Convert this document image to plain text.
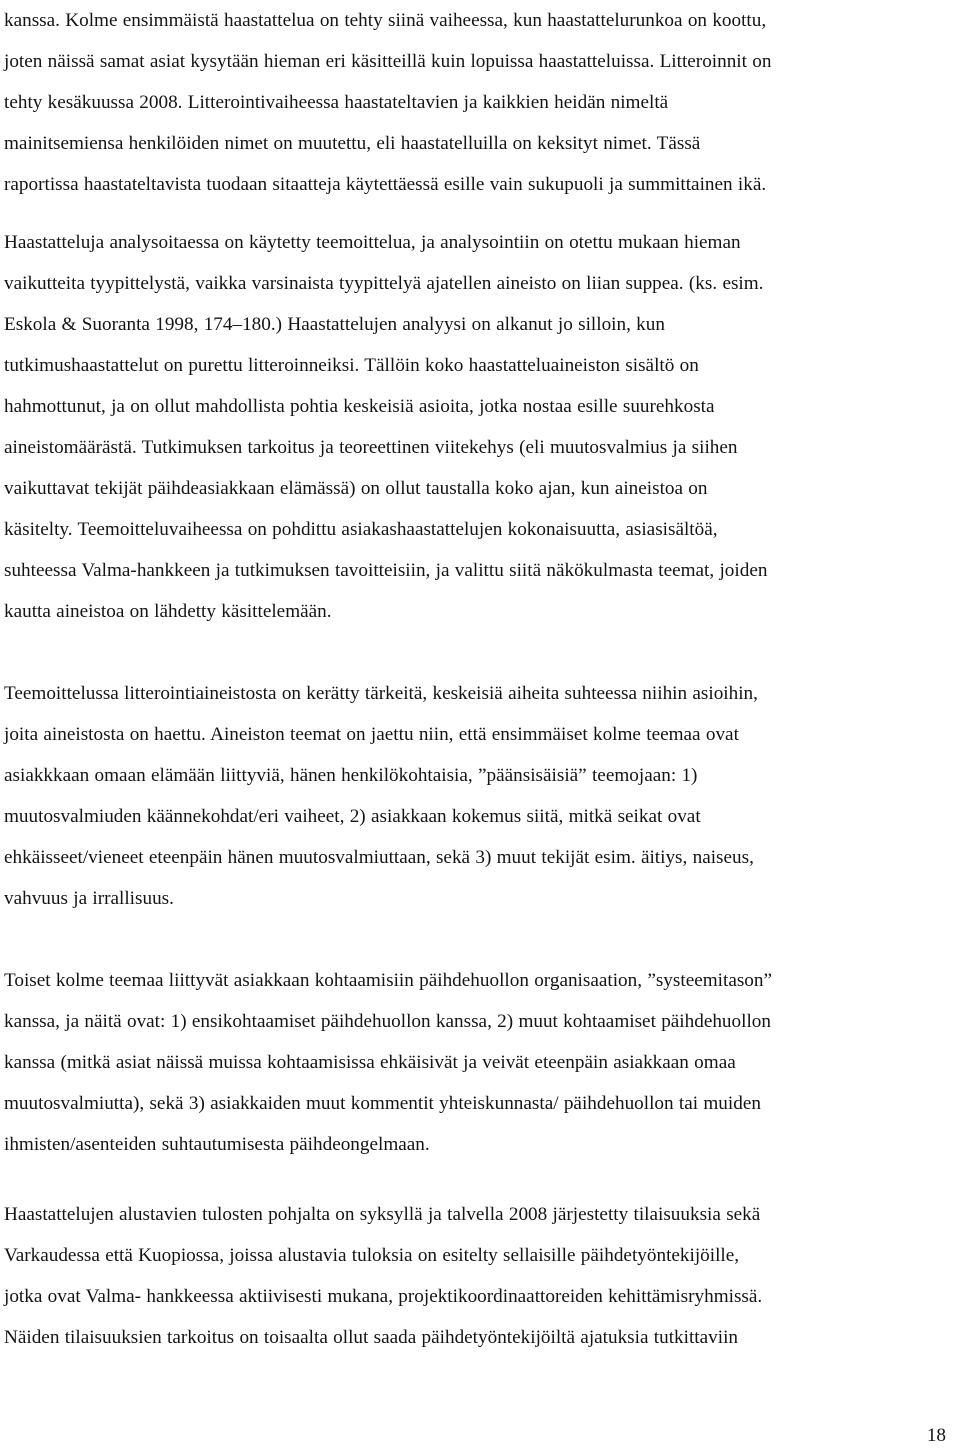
kanssa. Kolme ensimmäistä haastattelua on tehty siinä vaiheessa, kun haastattelurunkoa on koottu,
joten näissä samat asiat kysytään hieman eri käsitteillä kuin lopuissa haastatteluissa. Litteroinnit on
tehty kesäkuussa 2008. Litterointivaiheessa haastateltavien ja kaikkien heidän nimeltä
mainitsemiensa henkilöiden nimet on muutettu, eli haastatelluilla on keksityt nimet. Tässä
raportissa haastateltavista tuodaan sitaatteja käytettäessä esille vain sukupuoli ja summittainen ikä.

Haastatteluja analysoitaessa on käytetty teemoittelua, ja analysointiin on otettu mukaan hieman
vaikutteita tyypittelystä, vaikka varsinaista tyypittelyä ajatellen aineisto on liian suppea. (ks. esim.
Eskola & Suoranta 1998, 174–180.) Haastattelujen analyysi on alkanut jo silloin, kun
tutkimushaastattelut on purettu litteroinneiksi. Tällöin koko haastatteluaineiston sisältö on
hahmottunut, ja on ollut mahdollista pohtia keskeisiä asioita, jotka nostaa esille suurehkosta
aineistomäärästä. Tutkimuksen tarkoitus ja teoreettinen viitekehys (eli muutosvalmius ja siihen
vaikuttavat tekijät päihdeasiakkaan elämässä) on ollut taustalla koko ajan, kun aineistoa on
käsitelty. Teemoitteluvaiheessa on pohdittu asiakashaastattelujen kokonaisuutta, asiasisältöä,
suhteessa Valma-hankkeen ja tutkimuksen tavoitteisiin, ja valittu siitä näkökulmasta teemat, joiden
kautta aineistoa on lähdetty käsittelemään.

Teemoittelussa litterointiaineistosta on kerätty tärkeitä, keskeisiä aiheita suhteessa niihin asioihin,
joita aineistosta on haettu. Aineiston teemat on jaettu niin, että ensimmäiset kolme teemaa ovat
asiakkkaan omaan elämään liittyviä, hänen henkilökohtaisia, ”päänsisäisiä” teemojaan: 1)
muutosvalmiuden käännekohdat/eri vaiheet, 2) asiakkaan kokemus siitä, mitkä seikat ovat
ehkäisseet/vieneet eteenpäin hänen muutosvalmiuttaan, sekä 3) muut tekijät esim. äitiys, naiseus,
vahvuus ja irrallisuus.

Toiset kolme teemaa liittyvät asiakkaan kohtaamisiin päihdehuollon organisaation, ”systeemitason”
kanssa, ja näitä ovat: 1) ensikohtaamiset päihdehuollon kanssa, 2) muut kohtaamiset päihdehuollon
kanssa (mitkä asiat näissä muissa kohtaamisissa ehkäisivät ja veivät eteenpäin asiakkaan omaa
muutosvalmiutta), sekä 3) asiakkaiden muut kommentit yhteiskunnasta/ päihdehuollon tai muiden
ihmisten/asenteiden suhtautumisesta päihdeongelmaan.

Haastattelujen alustavien tulosten pohjalta on syksyllä ja talvella 2008 järjestetty tilaisuuksia sekä
Varkaudessa että Kuopiossa, joissa alustavia tuloksia on esitelty sellaisille päihdetyöntekijöille,
jotka ovat Valma- hankkeessa aktiivisesti mukana, projektikoordinaattoreiden kehittämisryhmissä.
Näiden tilaisuuksien tarkoitus on toisaalta ollut saada päihdetyöntekijöiltä ajatuksia tutkittaviin

18
